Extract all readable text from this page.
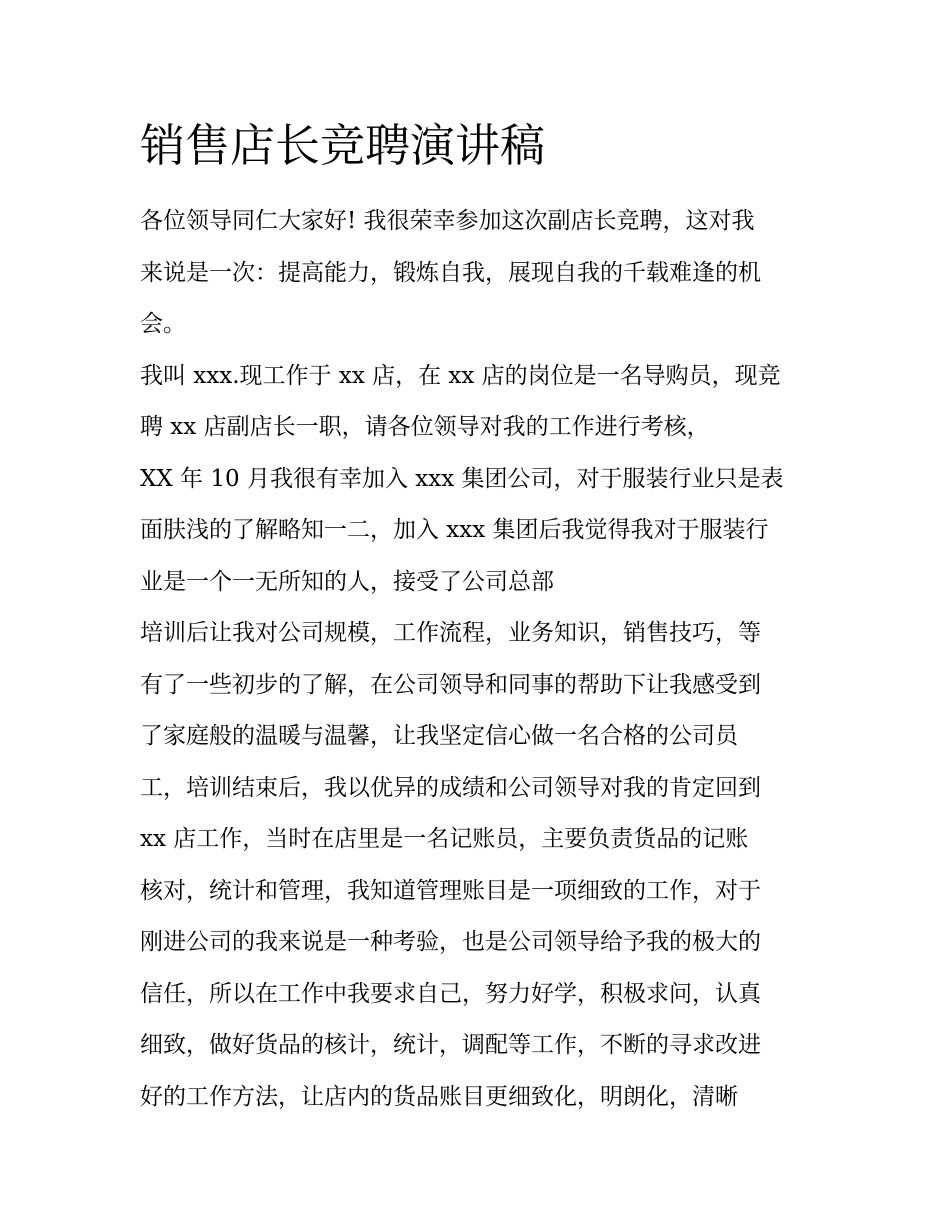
销售店长竞聘演讲稿

各位领导同仁大家好! 我很荣幸参加这次副店长竞聘，这对我

来说是一次：提高能力，锻炼自我，展现自我的千载难逢的机

会。

我叫 xxx.现工作于 xx 店，在 xx 店的岗位是一名导购员，现竞

聘 xx 店副店长一职，请各位领导对我的工作进行考核，

XX 年 10 月我很有幸加入 xxx 集团公司，对于服装行业只是表

面肤浅的了解略知一二，加入 xxx 集团后我觉得我对于服装行

业是一个一无所知的人，接受了公司总部

培训后让我对公司规模，工作流程，业务知识，销售技巧，等

有了一些初步的了解，在公司领导和同事的帮助下让我感受到

了家庭般的温暖与温馨，让我坚定信心做一名合格的公司员

工，培训结束后，我以优异的成绩和公司领导对我的肯定回到

xx 店工作，当时在店里是一名记账员，主要负责货品的记账

核对，统计和管理，我知道管理账目是一项细致的工作，对于

刚进公司的我来说是一种考验，也是公司领导给予我的极大的

信任，所以在工作中我要求自己，努力好学，积极求问，认真

细致，做好货品的核计，统计，调配等工作，不断的寻求改进

好的工作方法，让店内的货品账目更细致化，明朗化，清晰
